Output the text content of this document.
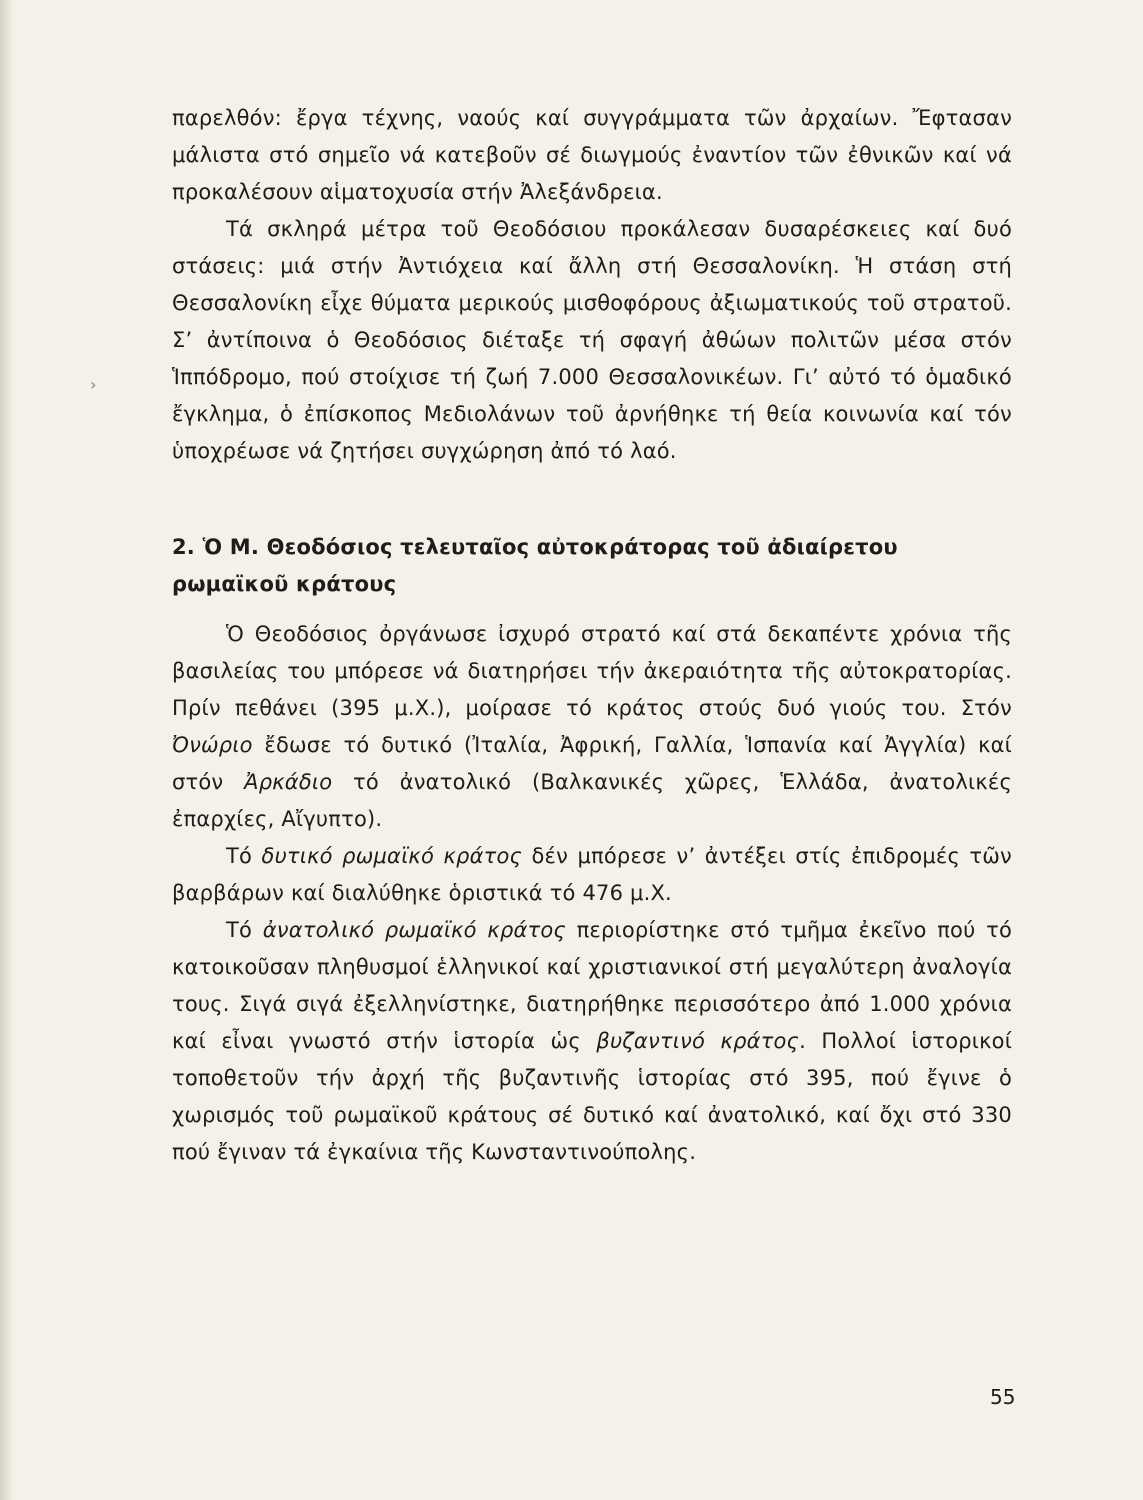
›

παρελθόν: ἔργα τέχνης, ναούς καί συγγράμματα τῶν ἀρχαίων. Ἔφτασαν μάλιστα στό σημεῖο νά κατεβοῦν σέ διωγμούς ἐναντίον τῶν ἐθνικῶν καί νά προκαλέσουν αἱματοχυσία στήν Ἀλεξάνδρεια.

Τά σκληρά μέτρα τοῦ Θεοδόσιου προκάλεσαν δυσαρέσκειες καί δυό στάσεις: μιά στήν Ἀντιόχεια καί ἄλλη στή Θεσσαλονίκη. Ἡ στάση στή Θεσσαλονίκη εἶχε θύματα μερικούς μισθοφόρους ἀξιωματικούς τοῦ στρατοῦ. Σ’ ἀντίποινα ὁ Θεοδόσιος διέταξε τή σφαγή ἀθώων πολιτῶν μέσα στόν Ἱππόδρομο, πού στοίχισε τή ζωή 7.000 Θεσσαλονικέων. Γι’ αὐτό τό ὁμαδικό ἔγκλημα, ὁ ἐπίσκοπος Μεδιολάνων τοῦ ἀρνήθηκε τή θεία κοινωνία καί τόν ὑποχρέωσε νά ζητήσει συγχώρηση ἀπό τό λαό.

2. Ὁ Μ. Θεοδόσιος τελευταῖος αὐτοκράτορας τοῦ ἀδιαίρετου
ρωμαϊκοῦ κράτους

Ὁ Θεοδόσιος ὀργάνωσε ἰσχυρό στρατό καί στά δεκαπέντε χρόνια τῆς βασιλείας του μπόρεσε νά διατηρήσει τήν ἀκεραιότητα τῆς αὐτοκρατορίας. Πρίν πεθάνει (395 μ.Χ.), μοίρασε τό κράτος στούς δυό γιούς του. Στόν Ὀνώριο ἔδωσε τό δυτικό (Ἰταλία, Ἀφρική, Γαλλία, Ἱσπανία καί Ἀγγλία) καί στόν Ἀρκάδιο τό ἀνατολικό (Βαλκανικές χῶρες, Ἑλλάδα, ἀνατολικές ἐπαρχίες, Αἴγυπτο).

Τό δυτικό ρωμαϊκό κράτος δέν μπόρεσε ν’ ἀντέξει στίς ἐπιδρομές τῶν βαρβάρων καί διαλύθηκε ὁριστικά τό 476 μ.Χ.

Τό ἀνατολικό ρωμαϊκό κράτος περιορίστηκε στό τμῆμα ἐκεῖνο πού τό κατοικοῦσαν πληθυσμοί ἑλληνικοί καί χριστιανικοί στή μεγαλύτερη ἀναλογία τους. Σιγά σιγά ἐξελληνίστηκε, διατηρήθηκε περισσότερο ἀπό 1.000 χρόνια καί εἶναι γνωστό στήν ἱστορία ὡς βυζαντινό κράτος. Πολλοί ἱστορικοί τοποθετοῦν τήν ἀρχή τῆς βυζαντινῆς ἱστορίας στό 395, πού ἔγινε ὁ χωρισμός τοῦ ρωμαϊκοῦ κράτους σέ δυτικό καί ἀνατολικό, καί ὄχι στό 330 πού ἔγιναν τά ἐγκαίνια τῆς Κωνσταντινούπολης.

55
